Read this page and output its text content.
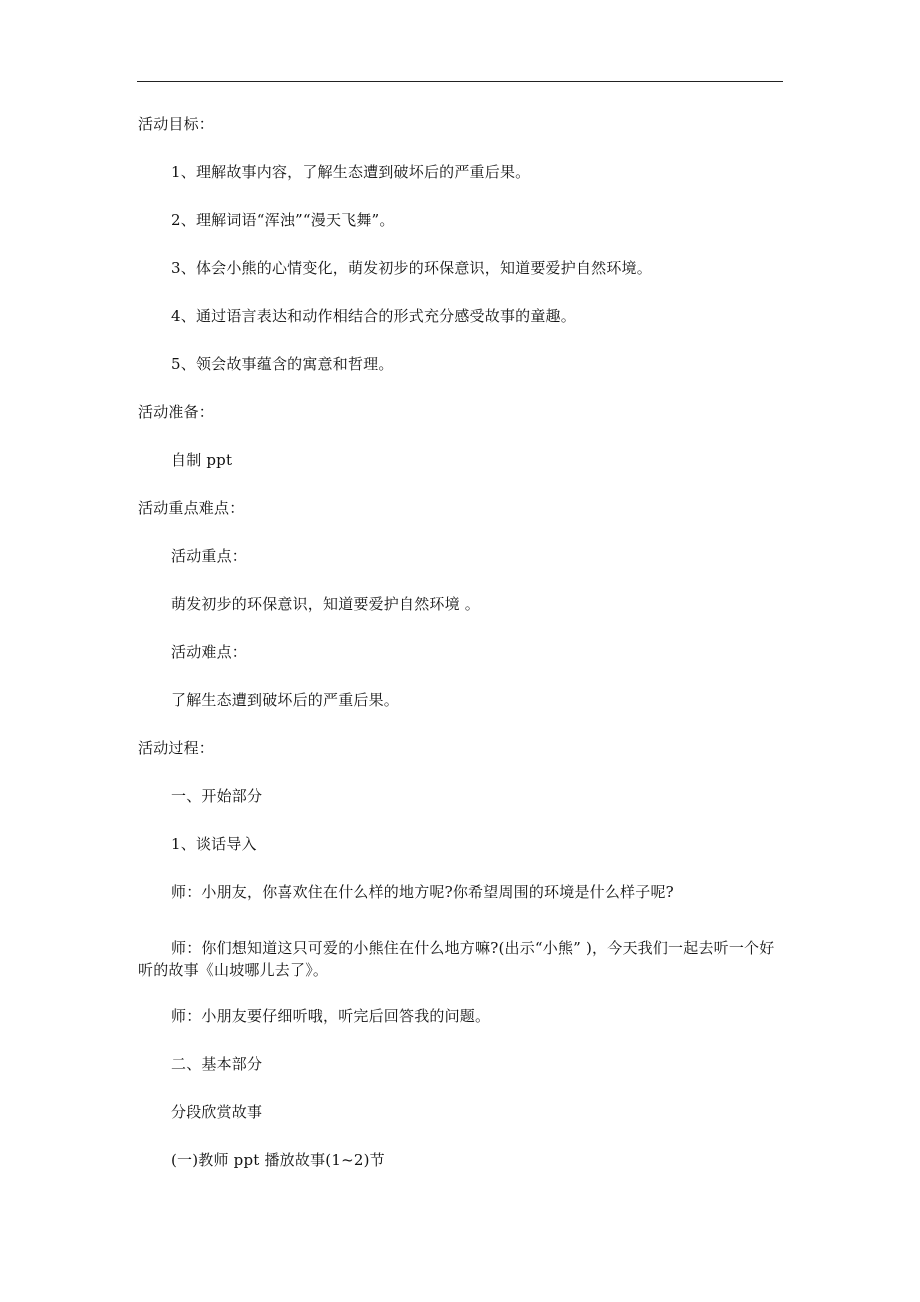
活动目标：
1、理解故事内容，了解生态遭到破坏后的严重后果。
2、理解词语“浑浊”“漫天飞舞”。
3、体会小熊的心情变化，萌发初步的环保意识，知道要爱护自然环境。
4、通过语言表达和动作相结合的形式充分感受故事的童趣。
5、领会故事蕴含的寓意和哲理。
活动准备：
自制 ppt
活动重点难点：
活动重点：
萌发初步的环保意识，知道要爱护自然环境 。
活动难点：
了解生态遭到破坏后的严重后果。
活动过程：
一、开始部分
1、谈话导入
师：小朋友，你喜欢住在什么样的地方呢?你希望周围的环境是什么样子呢?
师：你们想知道这只可爱的小熊住在什么地方嘛?(出示“小熊” )，今天我们一起去听一个好听的故事《山坡哪儿去了》。
师：小朋友要仔细听哦，听完后回答我的问题。
二、基本部分
分段欣赏故事
(一)教师 ppt 播放故事(1~2)节
